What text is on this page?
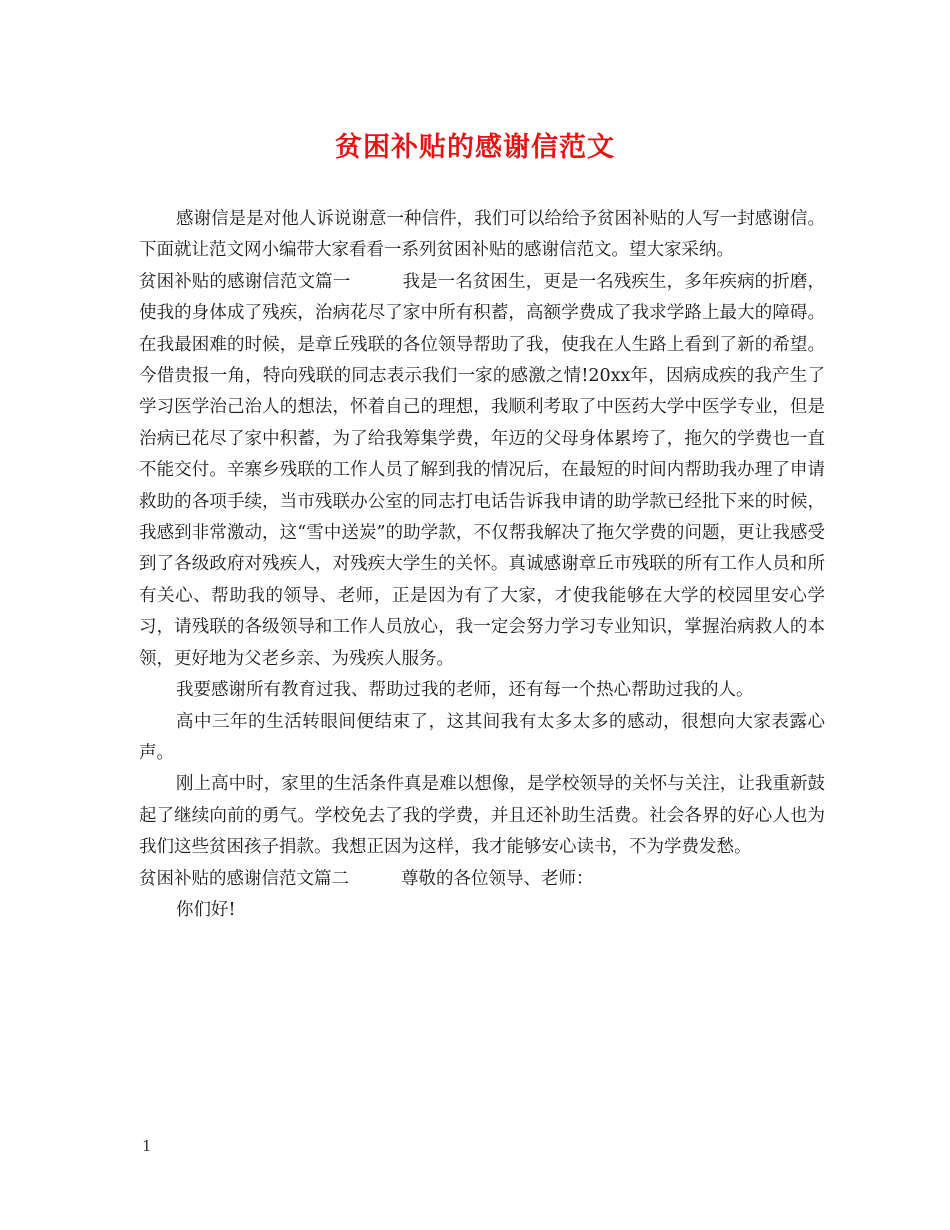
贫困补贴的感谢信范文

感谢信是是对他人诉说谢意一种信件，我们可以给给予贫困补贴的人写一封感谢信。下面就让范文网小编带大家看看一系列贫困补贴的感谢信范文。望大家采纳。

贫困补贴的感谢信范文篇一	我是一名贫困生，更是一名残疾生，多年疾病的折磨，使我的身体成了残疾，治病花尽了家中所有积蓄，高额学费成了我求学路上最大的障碍。在我最困难的时候，是章丘残联的各位领导帮助了我，使我在人生路上看到了新的希望。今借贵报一角，特向残联的同志表示我们一家的感激之情!20xx年，因病成疾的我产生了学习医学治己治人的想法，怀着自己的理想，我顺利考取了中医药大学中医学专业，但是治病已花尽了家中积蓄，为了给我筹集学费，年迈的父母身体累垮了，拖欠的学费也一直不能交付。辛寨乡残联的工作人员了解到我的情况后，在最短的时间内帮助我办理了申请救助的各项手续，当市残联办公室的同志打电话告诉我申请的助学款已经批下来的时候，我感到非常激动，这“雪中送炭”的助学款，不仅帮我解决了拖欠学费的问题，更让我感受到了各级政府对残疾人，对残疾大学生的关怀。真诚感谢章丘市残联的所有工作人员和所有关心、帮助我的领导、老师，正是因为有了大家，才使我能够在大学的校园里安心学习，请残联的各级领导和工作人员放心，我一定会努力学习专业知识，掌握治病救人的本领，更好地为父老乡亲、为残疾人服务。

我要感谢所有教育过我、帮助过我的老师，还有每一个热心帮助过我的人。

高中三年的生活转眼间便结束了，这其间我有太多太多的感动，很想向大家表露心声。

刚上高中时，家里的生活条件真是难以想像，是学校领导的关怀与关注，让我重新鼓起了继续向前的勇气。学校免去了我的学费，并且还补助生活费。社会各界的好心人也为我们这些贫困孩子捐款。我想正因为这样，我才能够安心读书，不为学费发愁。

贫困补贴的感谢信范文篇二	尊敬的各位领导、老师：

你们好!

1
